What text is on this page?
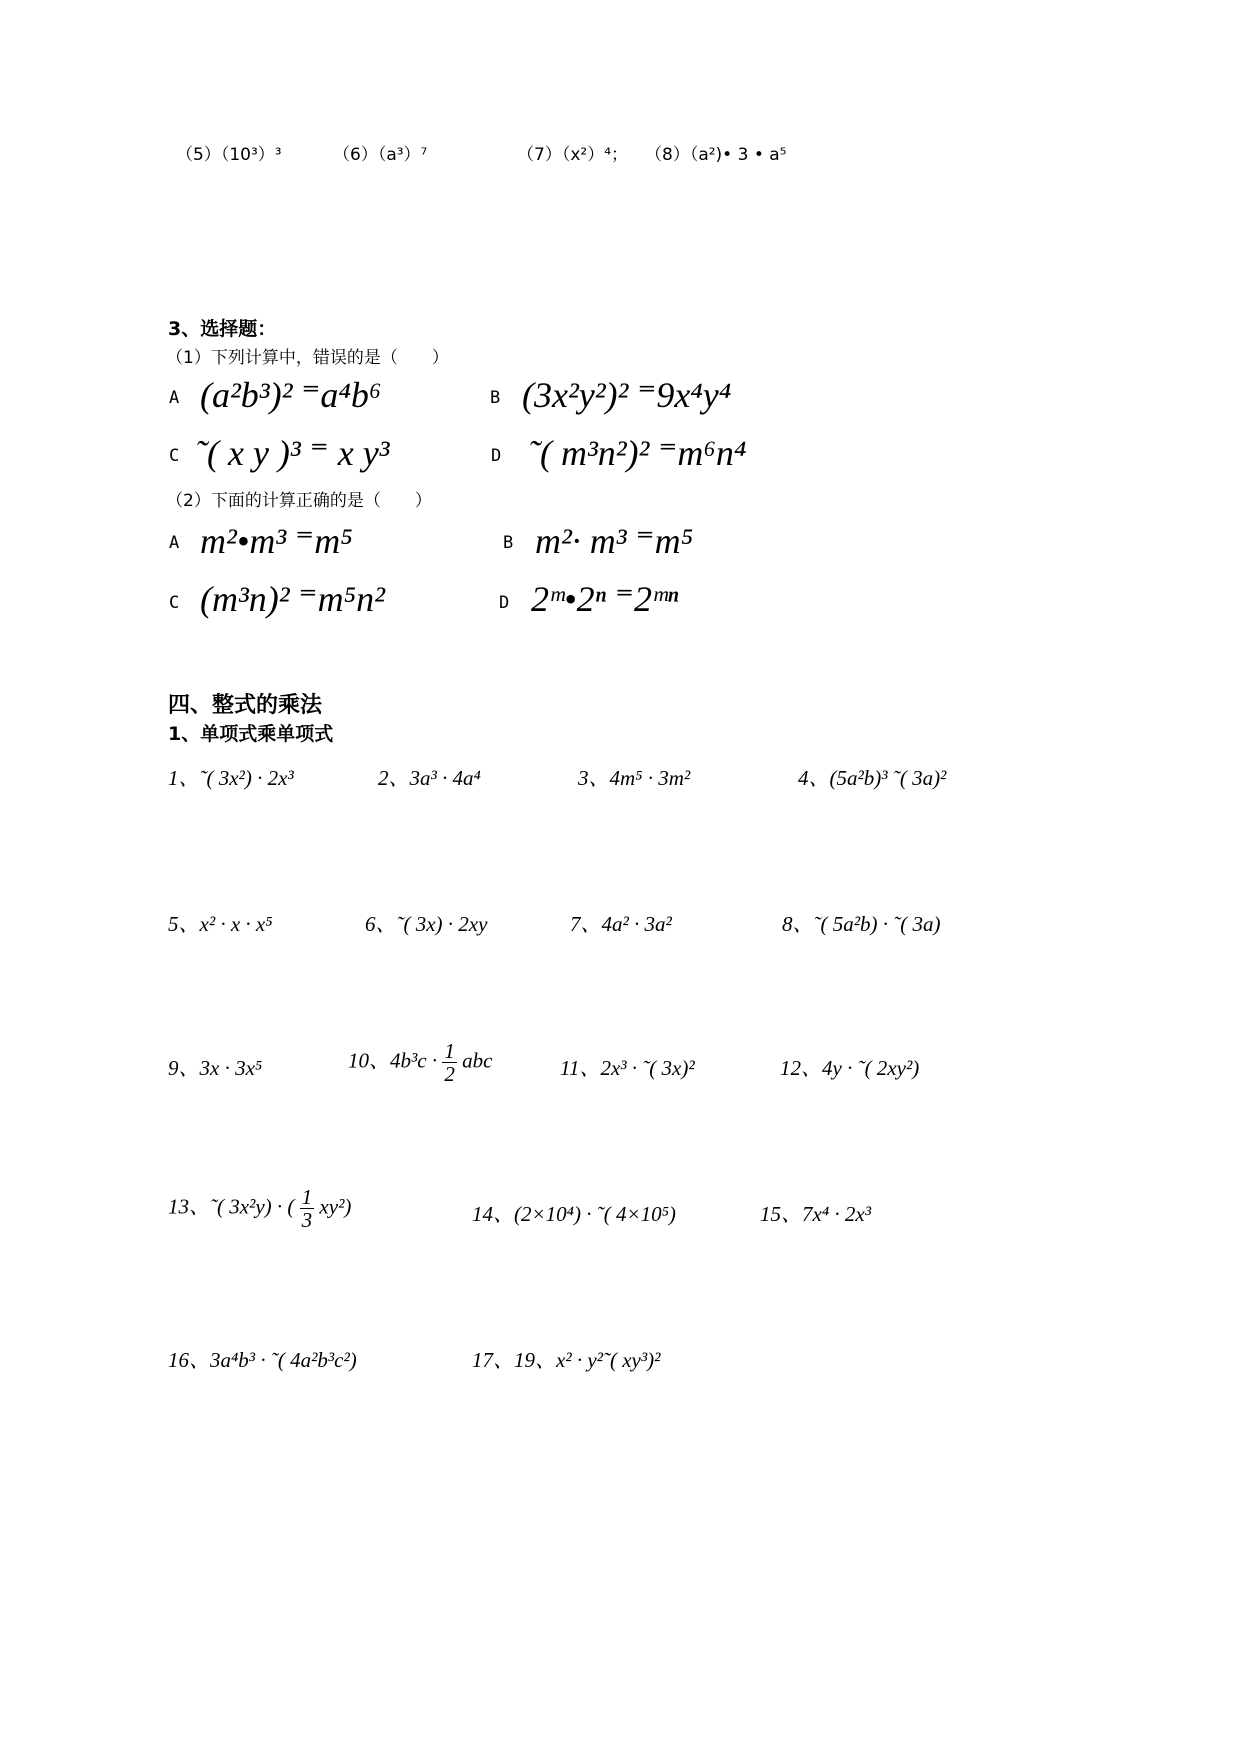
（5）（10³）³	（6）（a³）⁷	（7）（x²）⁴； （8）（a²)• 3 • a⁵
3、选择题：
（1）下列计算中，错误的是（　　）
A (a²b³)² ⁼a⁴b⁶	B (3x²y²)² ⁼9x⁴y⁴
C ˜( x y )³ ⁼ x y³	D ˜( m³n²)² ⁼m⁶n⁴
（2）下面的计算正确的是（　　）
A m²•m³ ⁼m⁵	B m²· m³ ⁼m⁵
C (m³n)² ⁼m⁵n²	D 2ᵐ•2ⁿ ⁼2ᵐⁿ
四、整式的乘法
1、单项式乘单项式
1、˜( 3x²) · 2x³	2、3a³ · 4a⁴	3、4m⁵ · 3m²	4、(5a²b)³ ˜( 3a)²
5、x² · x · x⁵	6、˜( 3x) · 2xy	7、4a² · 3a²	8、˜( 5a²b) · ˜( 3a)
9、3x · 3x⁵	10、$4b^3c \cdot \frac{1}{2}$ abc	11、2x³ · ˜( 3x)²	12、4y · ˜( 2xy²)
13、˜( 3x²y) · ( $\frac{1}{3} xy^2$)	14、(2×10⁴) · ˜( 4×10⁵)	15、7x⁴ · 2x³
16、3a⁴b³ · ˜( 4a²b³c²)	17、19、x² · y²˜( xy³)²
